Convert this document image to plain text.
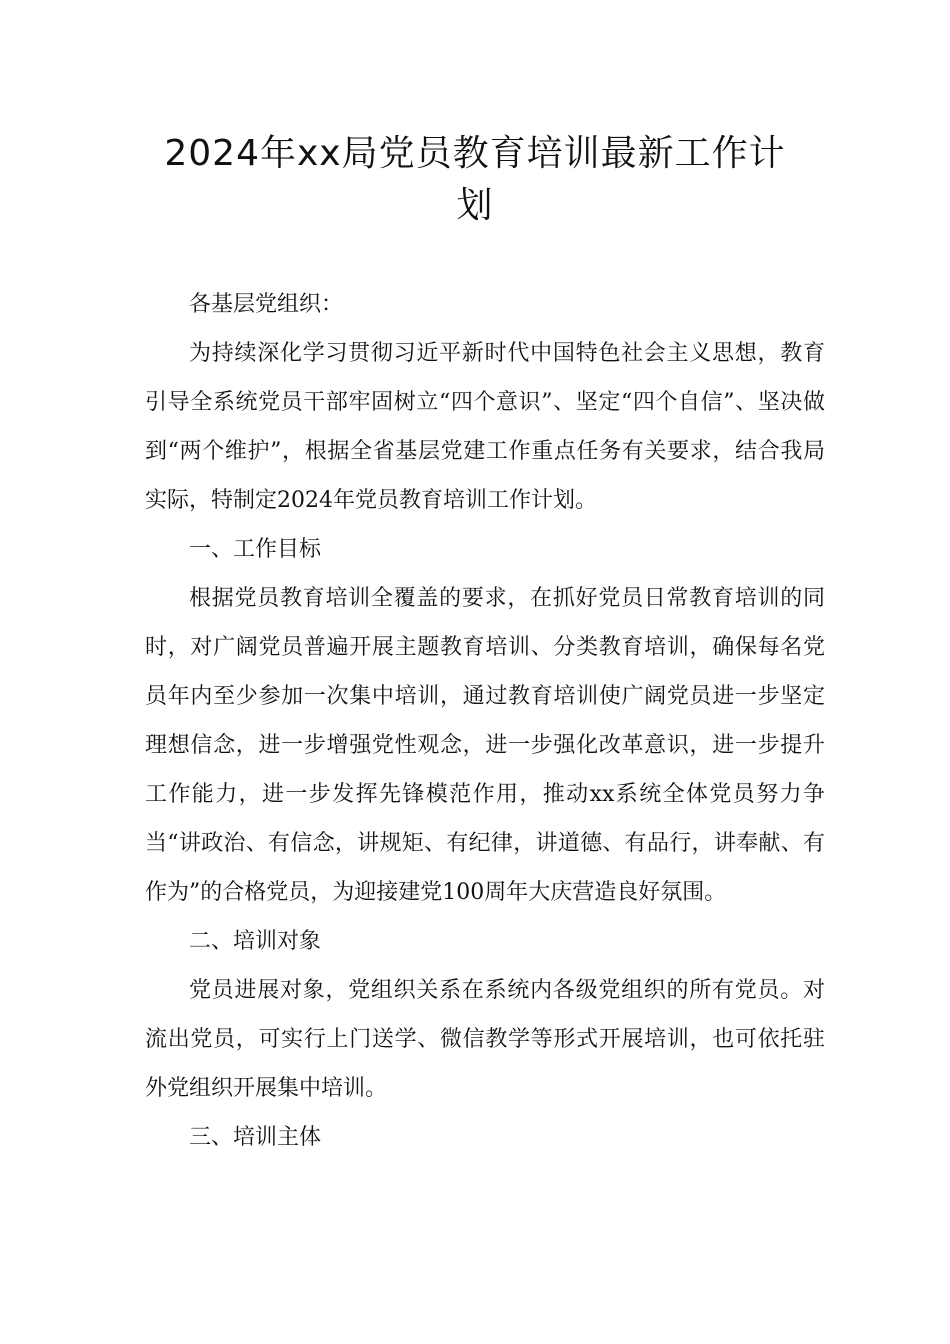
2024年xx局党员教育培训最新工作计
划

各基层党组织：

为持续深化学习贯彻习近平新时代中国特色社会主义思想，教育引导全系统党员干部牢固树立“四个意识”、坚定“四个自信”、坚决做到“两个维护”，根据全省基层党建工作重点任务有关要求，结合我局实际，特制定2024年党员教育培训工作计划。

一、工作目标

根据党员教育培训全覆盖的要求，在抓好党员日常教育培训的同时，对广阔党员普遍开展主题教育培训、分类教育培训，确保每名党员年内至少参加一次集中培训，通过教育培训使广阔党员进一步坚定理想信念，进一步增强党性观念，进一步强化改革意识，进一步提升工作能力，进一步发挥先锋模范作用，推动xx系统全体党员努力争当“讲政治、有信念，讲规矩、有纪律，讲道德、有品行，讲奉献、有作为”的合格党员，为迎接建党100周年大庆营造良好氛围。

二、培训对象

党员进展对象，党组织关系在系统内各级党组织的所有党员。对流出党员，可实行上门送学、微信教学等形式开展培训，也可依托驻外党组织开展集中培训。

三、培训主体
